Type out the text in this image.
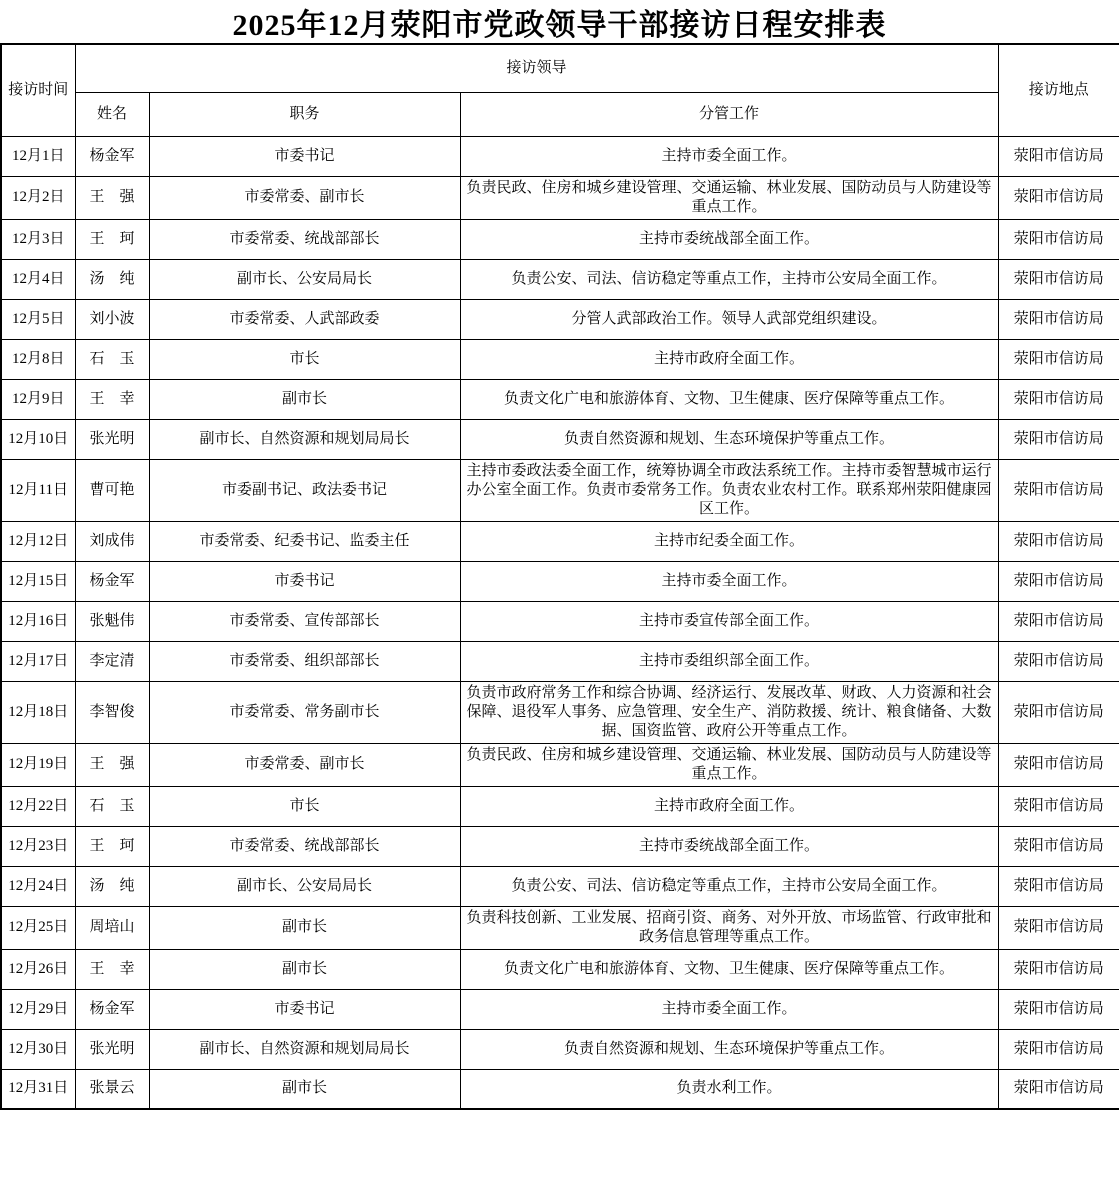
2025年12月荥阳市党政领导干部接访日程安排表
接访时间	接访领导			接访地点
	姓名	职务	分管工作	
12月1日	杨金军	市委书记	主持市委全面工作。	荥阳市信访局
12月2日	王　强	市委常委、副市长	负责民政、住房和城乡建设管理、交通运输、林业发展、国防动员与人防建设等重点工作。	荥阳市信访局
12月3日	王　珂	市委常委、统战部部长	主持市委统战部全面工作。	荥阳市信访局
12月4日	汤　纯	副市长、公安局局长	负责公安、司法、信访稳定等重点工作，主持市公安局全面工作。	荥阳市信访局
12月5日	刘小波	市委常委、人武部政委	分管人武部政治工作。领导人武部党组织建设。	荥阳市信访局
12月8日	石　玉	市长	主持市政府全面工作。	荥阳市信访局
12月9日	王　幸	副市长	负责文化广电和旅游体育、文物、卫生健康、医疗保障等重点工作。	荥阳市信访局
12月10日	张光明	副市长、自然资源和规划局局长	负责自然资源和规划、生态环境保护等重点工作。	荥阳市信访局
12月11日	曹可艳	市委副书记、政法委书记	主持市委政法委全面工作，统筹协调全市政法系统工作。主持市委智慧城市运行办公室全面工作。负责市委常务工作。负责农业农村工作。联系郑州荥阳健康园区工作。	荥阳市信访局
12月12日	刘成伟	市委常委、纪委书记、监委主任	主持市纪委全面工作。	荥阳市信访局
12月15日	杨金军	市委书记	主持市委全面工作。	荥阳市信访局
12月16日	张魁伟	市委常委、宣传部部长	主持市委宣传部全面工作。	荥阳市信访局
12月17日	李定清	市委常委、组织部部长	主持市委组织部全面工作。	荥阳市信访局
12月18日	李智俊	市委常委、常务副市长	负责市政府常务工作和综合协调、经济运行、发展改革、财政、人力资源和社会保障、退役军人事务、应急管理、安全生产、消防救援、统计、粮食储备、大数据、国资监管、政府公开等重点工作。	荥阳市信访局
12月19日	王　强	市委常委、副市长	负责民政、住房和城乡建设管理、交通运输、林业发展、国防动员与人防建设等重点工作。	荥阳市信访局
12月22日	石　玉	市长	主持市政府全面工作。	荥阳市信访局
12月23日	王　珂	市委常委、统战部部长	主持市委统战部全面工作。	荥阳市信访局
12月24日	汤　纯	副市长、公安局局长	负责公安、司法、信访稳定等重点工作，主持市公安局全面工作。	荥阳市信访局
12月25日	周培山	副市长	负责科技创新、工业发展、招商引资、商务、对外开放、市场监管、行政审批和政务信息管理等重点工作。	荥阳市信访局
12月26日	王　幸	副市长	负责文化广电和旅游体育、文物、卫生健康、医疗保障等重点工作。	荥阳市信访局
12月29日	杨金军	市委书记	主持市委全面工作。	荥阳市信访局
12月30日	张光明	副市长、自然资源和规划局局长	负责自然资源和规划、生态环境保护等重点工作。	荥阳市信访局
12月31日	张景云	副市长	负责水利工作。	荥阳市信访局
